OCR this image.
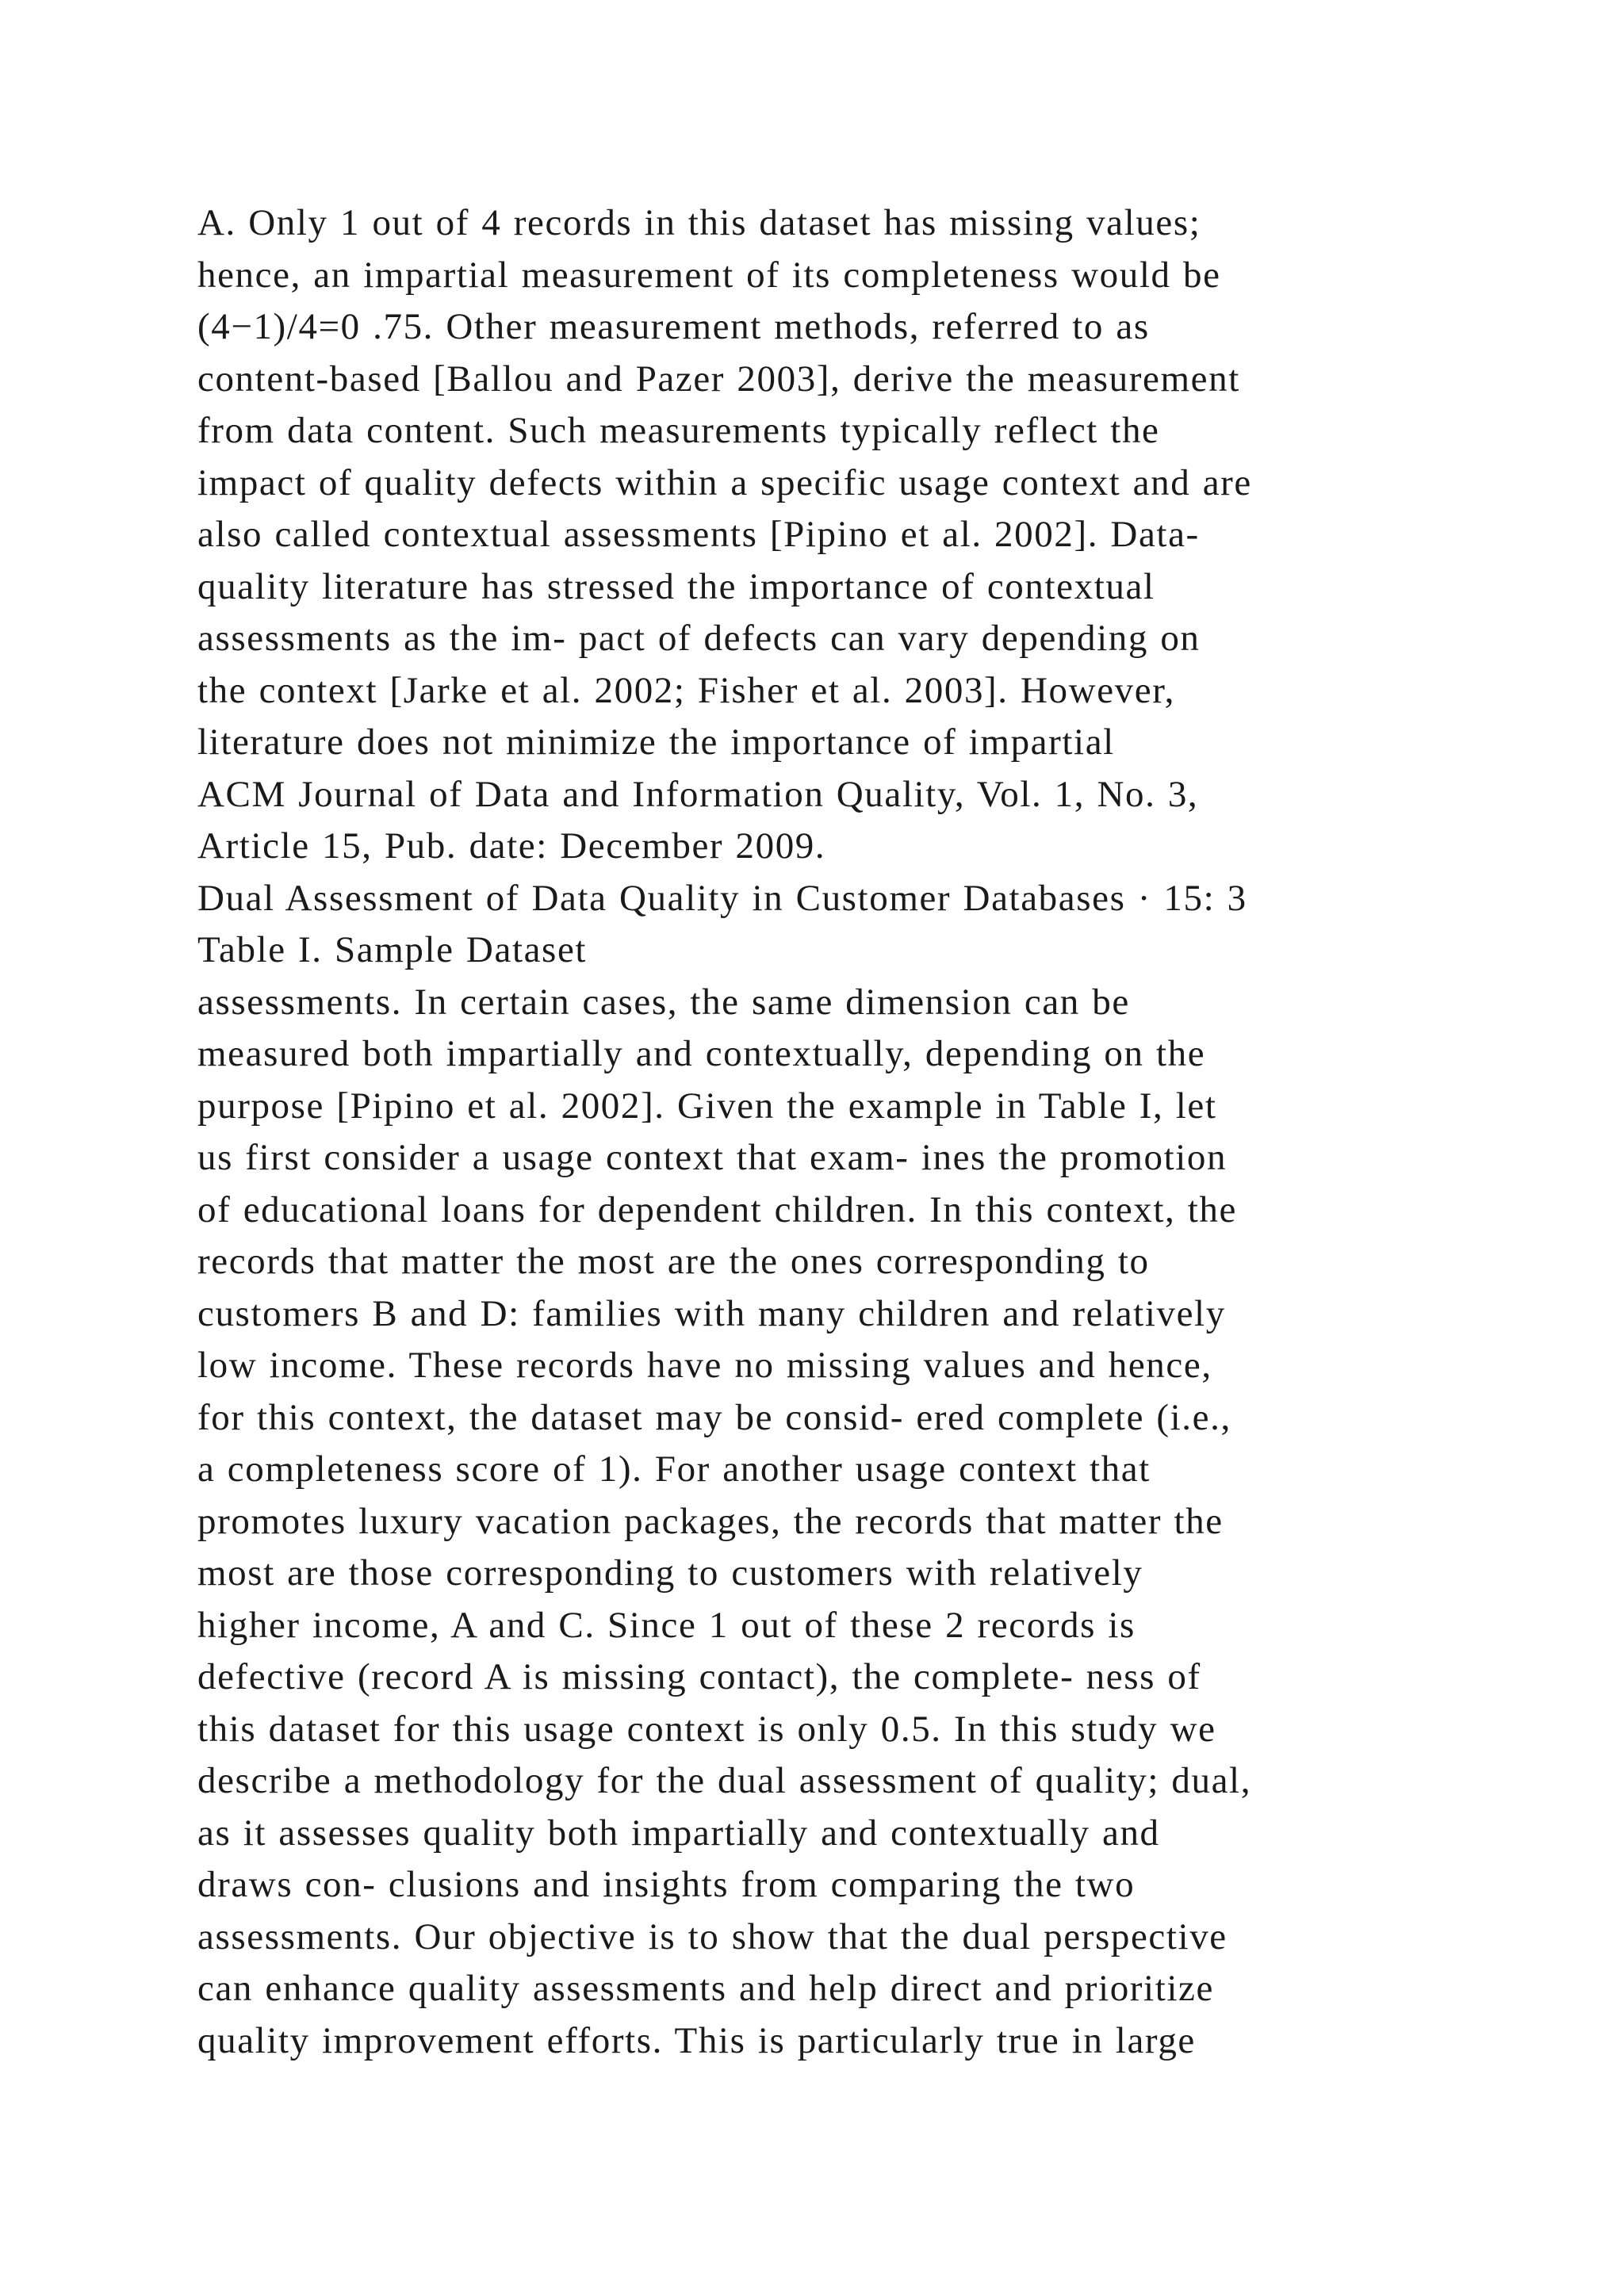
A. Only 1 out of 4 records in this dataset has missing values;
hence, an impartial measurement of its completeness would be
(4−1)/4=0 .75. Other measurement methods, referred to as
content-based [Ballou and Pazer 2003], derive the measurement
from data content. Such measurements typically reflect the
impact of quality defects within a specific usage context and are
also called contextual assessments [Pipino et al. 2002]. Data-
quality literature has stressed the importance of contextual
assessments as the im- pact of defects can vary depending on
the context [Jarke et al. 2002; Fisher et al. 2003]. However,
literature does not minimize the importance of impartial
ACM Journal of Data and Information Quality, Vol. 1, No. 3,
Article 15, Pub. date: December 2009.
Dual Assessment of Data Quality in Customer Databases · 15: 3
Table I. Sample Dataset
assessments. In certain cases, the same dimension can be
measured both impartially and contextually, depending on the
purpose [Pipino et al. 2002]. Given the example in Table I, let
us first consider a usage context that exam- ines the promotion
of educational loans for dependent children. In this context, the
records that matter the most are the ones corresponding to
customers B and D: families with many children and relatively
low income. These records have no missing values and hence,
for this context, the dataset may be consid- ered complete (i.e.,
a completeness score of 1). For another usage context that
promotes luxury vacation packages, the records that matter the
most are those corresponding to customers with relatively
higher income, A and C. Since 1 out of these 2 records is
defective (record A is missing contact), the complete- ness of
this dataset for this usage context is only 0.5. In this study we
describe a methodology for the dual assessment of quality; dual,
as it assesses quality both impartially and contextually and
draws con- clusions and insights from comparing the two
assessments. Our objective is to show that the dual perspective
can enhance quality assessments and help direct and prioritize
quality improvement efforts. This is particularly true in large
